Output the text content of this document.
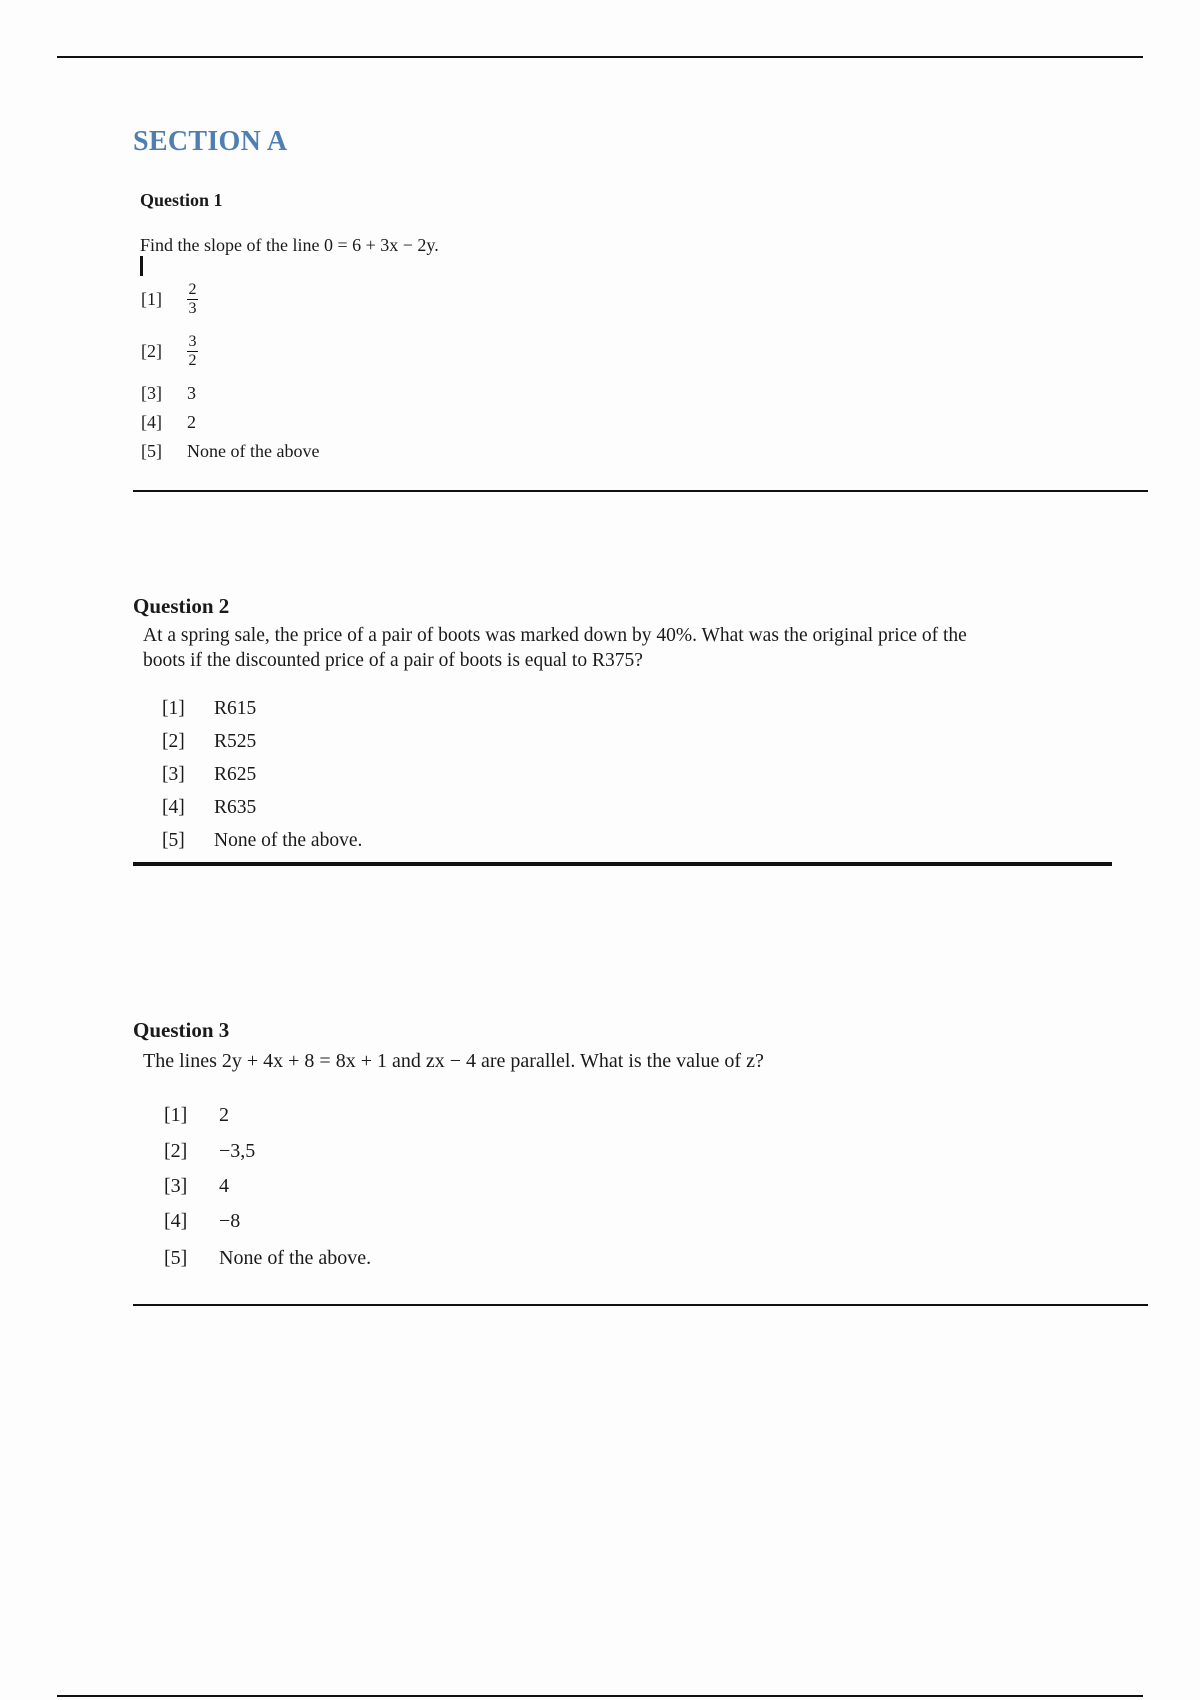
SECTION A
Question 1
Find the slope of the line 0 = 6 + 3x − 2y.
[1]	$\frac{2}{3}$
[2]	$\frac{3}{2}$
[3]	3
[4]	2
[5]	None of the above
Question 2
At a spring sale, the price of a pair of boots was marked down by 40%. What was the original price of the
boots if the discounted price of a pair of boots is equal to R375?
[1]	R615
[2]	R525
[3]	R625
[4]	R635
[5]	None of the above.
Question 3
The lines 2y + 4x + 8 = 8x + 1 and zx − 4 are parallel. What is the value of z?
[1]	2
[2]	−3,5
[3]	4
[4]	−8
[5]	None of the above.
